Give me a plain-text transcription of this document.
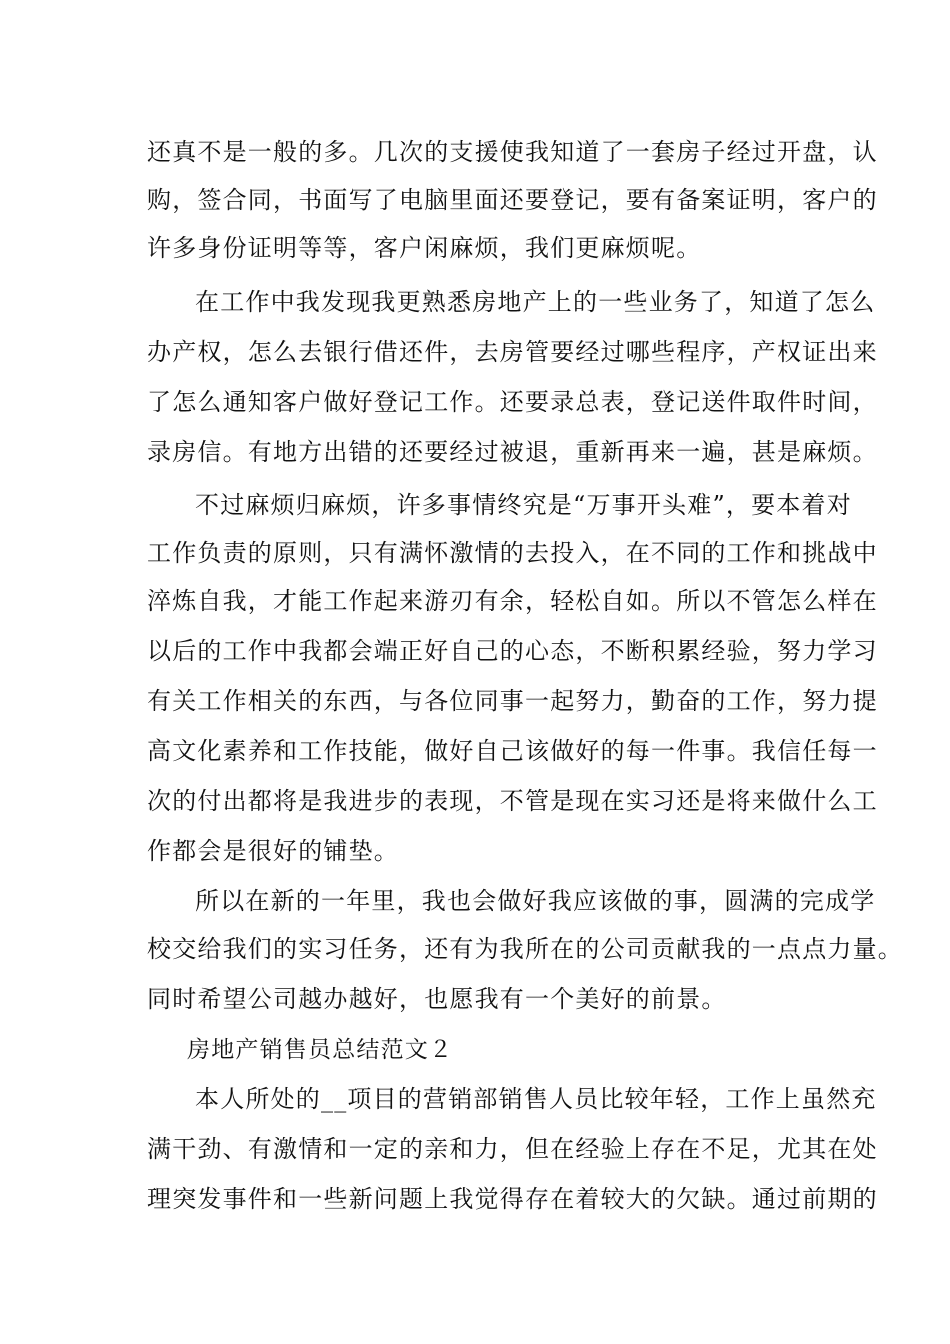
还真不是一般的多。几次的支援使我知道了一套房子经过开盘，认
购，签合同，书面写了电脑里面还要登记，要有备案证明，客户的
许多身份证明等等，客户闲麻烦，我们更麻烦呢。
在工作中我发现我更熟悉房地产上的一些业务了，知道了怎么
办产权，怎么去银行借还件，去房管要经过哪些程序，产权证出来
了怎么通知客户做好登记工作。还要录总表，登记送件取件时间，
录房信。有地方出错的还要经过被退，重新再来一遍，甚是麻烦。
不过麻烦归麻烦，许多事情终究是“万事开头难”，要本着对
工作负责的原则，只有满怀激情的去投入，在不同的工作和挑战中
淬炼自我，才能工作起来游刃有余，轻松自如。所以不管怎么样在
以后的工作中我都会端正好自己的心态，不断积累经验，努力学习
有关工作相关的东西，与各位同事一起努力，勤奋的工作，努力提
高文化素养和工作技能，做好自己该做好的每一件事。我信任每一
次的付出都将是我进步的表现，不管是现在实习还是将来做什么工
作都会是很好的铺垫。
所以在新的一年里，我也会做好我应该做的事，圆满的完成学
校交给我们的实习任务，还有为我所在的公司贡献我的一点点力量。
同时希望公司越办越好，也愿我有一个美好的前景。
房地产销售员总结范文２
本人所处的__项目的营销部销售人员比较年轻，工作上虽然充
满干劲、有激情和一定的亲和力，但在经验上存在不足，尤其在处
理突发事件和一些新问题上我觉得存在着较大的欠缺。通过前期的
